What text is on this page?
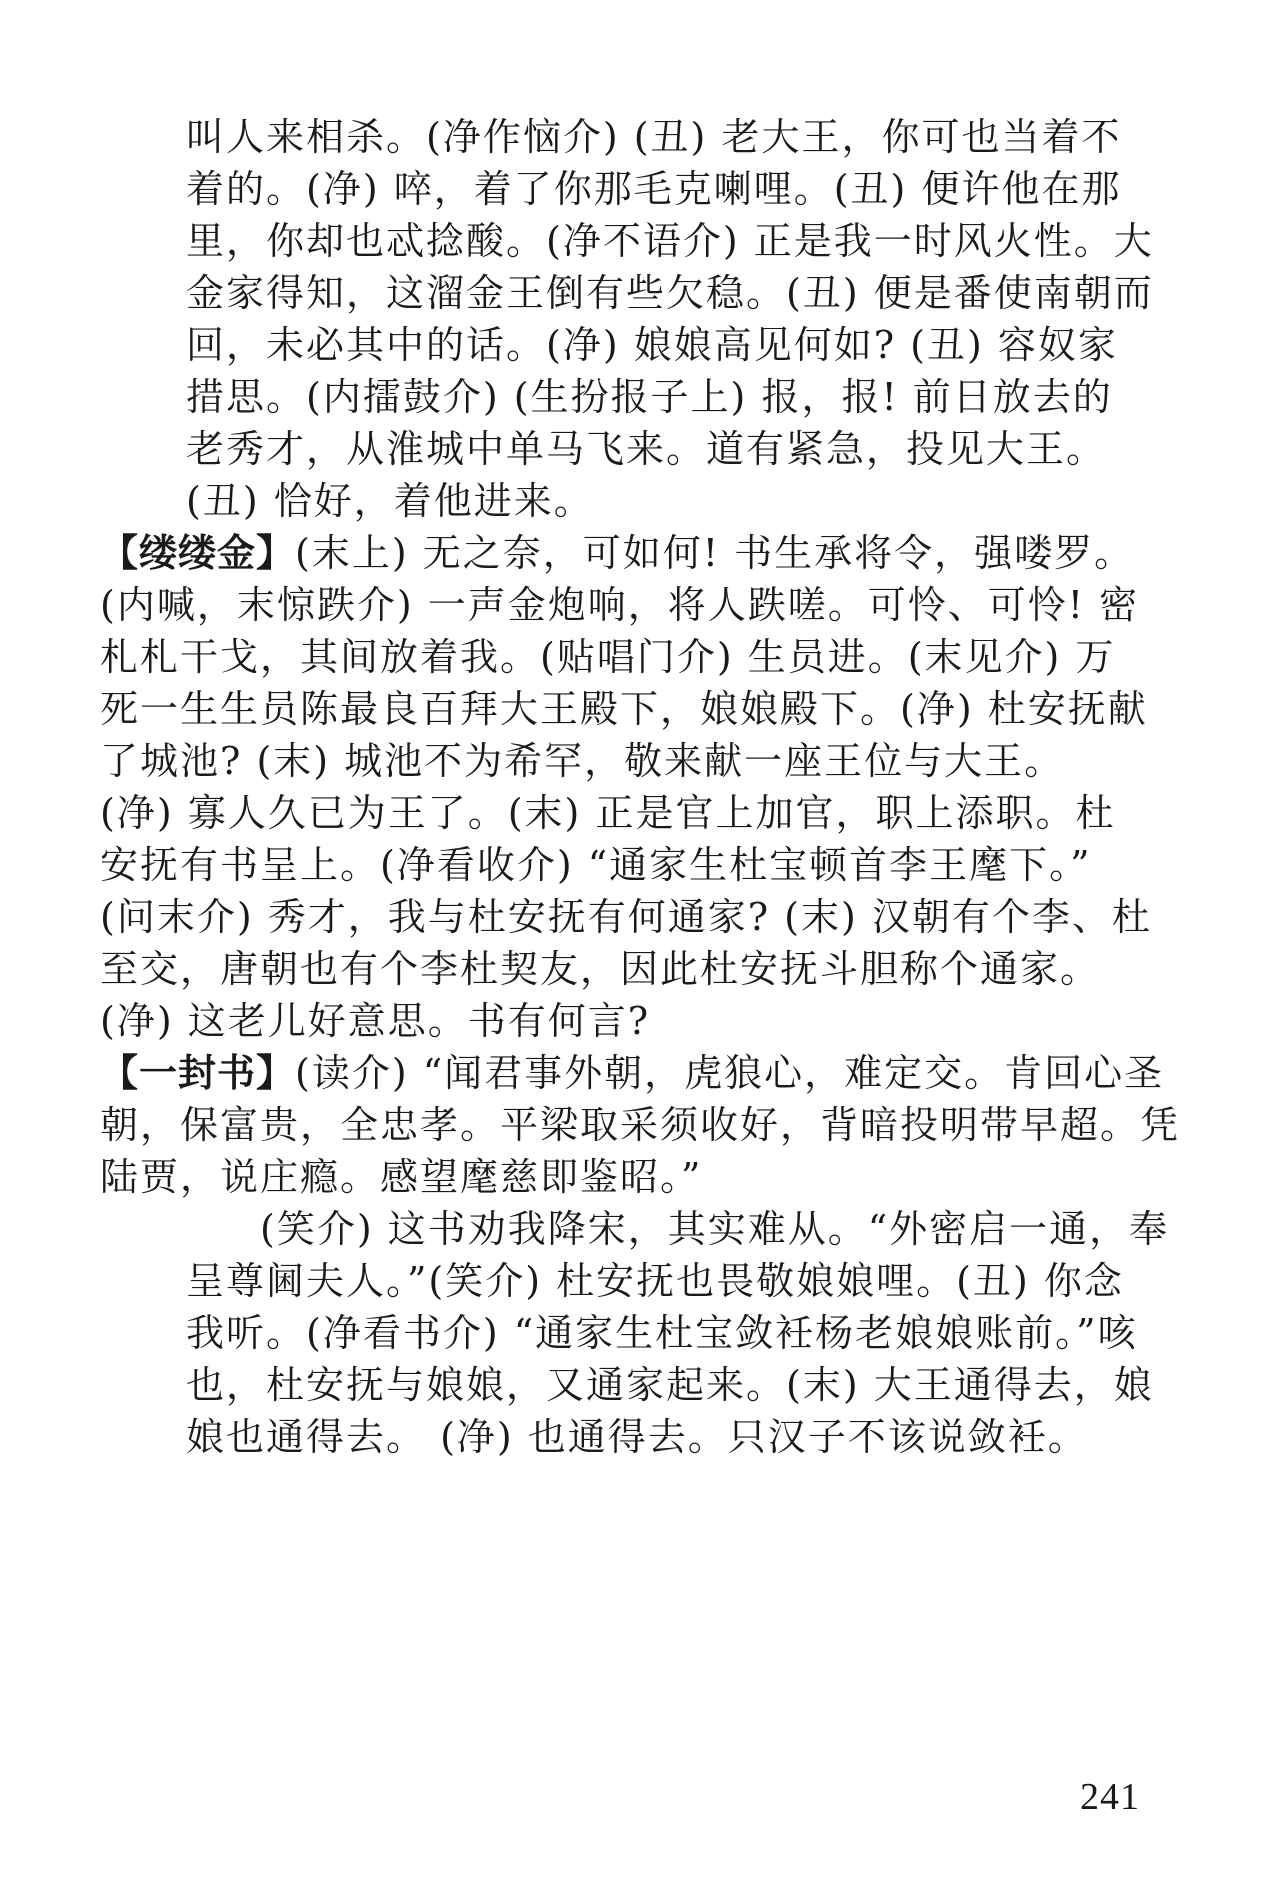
叫人来相杀。(净作恼介) (丑) 老大王，你可也当着不
着的。(净) 啐，着了你那毛克喇哩。(丑) 便许他在那
里，你却也忒捻酸。(净不语介) 正是我一时风火性。大
金家得知，这溜金王倒有些欠稳。(丑) 便是番使南朝而
回，未必其中的话。(净) 娘娘高见何如? (丑) 容奴家
措思。(内擂鼓介) (生扮报子上) 报，报! 前日放去的
老秀才，从淮城中单马飞来。道有紧急，投见大王。
(丑) 恰好，着他进来。
【缕缕金】(末上) 无之奈，可如何! 书生承将令，强喽罗。
(内喊，末惊跌介) 一声金炮响，将人跌嗟。可怜、可怜! 密
札札干戈，其间放着我。(贴唱门介) 生员进。(末见介) 万
死一生生员陈最良百拜大王殿下，娘娘殿下。(净) 杜安抚献
了城池? (末) 城池不为希罕，敬来献一座王位与大王。
(净) 寡人久已为王了。(末) 正是官上加官，职上添职。杜
安抚有书呈上。(净看收介) “通家生杜宝顿首李王麾下。”
(问末介) 秀才，我与杜安抚有何通家? (末) 汉朝有个李、杜
至交，唐朝也有个李杜契友，因此杜安抚斗胆称个通家。
(净) 这老儿好意思。书有何言?
【一封书】(读介) “闻君事外朝，虎狼心，难定交。肯回心圣
朝，保富贵，全忠孝。平梁取采须收好，背暗投明带早超。凭
陆贾，说庄瘾。感望麾慈即鉴昭。”
(笑介) 这书劝我降宋，其实难从。“外密启一通，奉
呈尊阃夫人。”(笑介) 杜安抚也畏敬娘娘哩。(丑) 你念
我听。(净看书介) “通家生杜宝敛衽杨老娘娘账前。”咳
也，杜安抚与娘娘，又通家起来。(末) 大王通得去，娘
娘也通得去。 (净) 也通得去。只汉子不该说敛衽。
241
